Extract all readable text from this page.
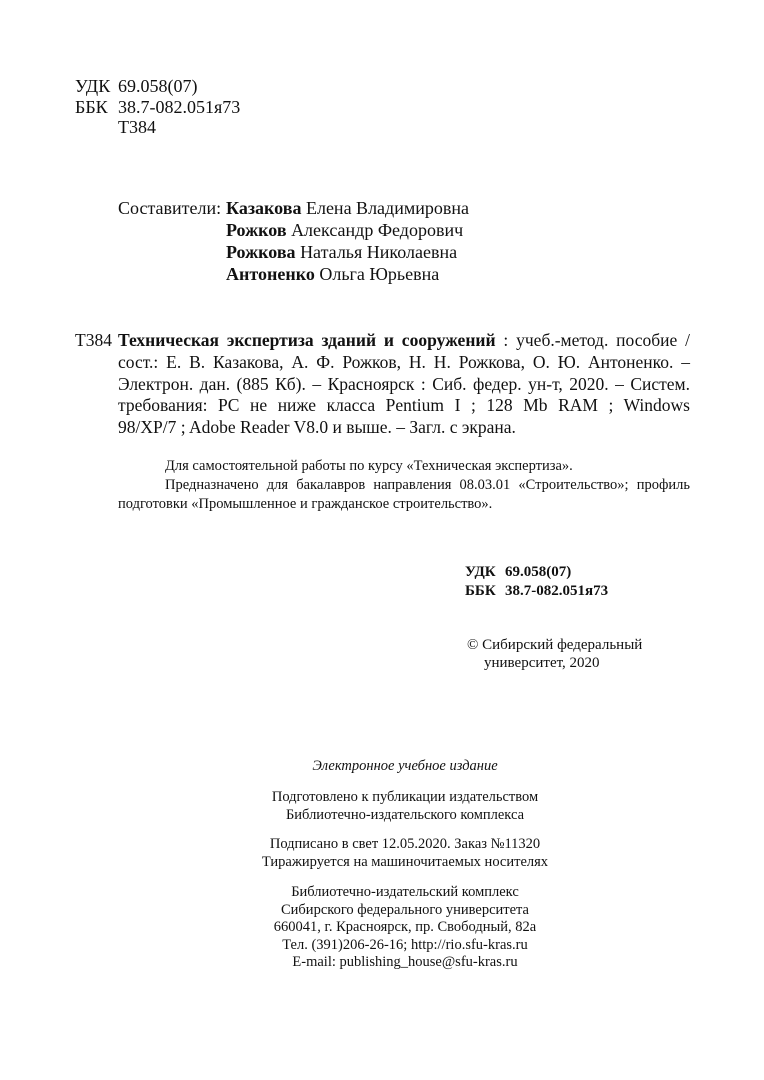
УДК 69.058(07)
ББК 38.7-082.051я73
Т384
Составители: Казакова Елена Владимировна
Рожков Александр Федорович
Рожкова Наталья Николаевна
Антоненко Ольга Юрьевна
Т384 Техническая экспертиза зданий и сооружений : учеб.-метод. пособие /
сост.: Е. В. Казакова, А. Ф. Рожков, Н. Н. Рожкова, О. Ю. Антоненко. –
Электрон. дан. (885 Кб). – Красноярск : Сиб. федер. ун-т, 2020. – Систем.
требования: PC не ниже класса Pentium I ; 128 Mb RAM ; Windows
98/XP/7 ; Adobe Reader V8.0 и выше. – Загл. с экрана.
Для самостоятельной работы по курсу «Техническая экспертиза».
Предназначено для бакалавров направления 08.03.01 «Строительство»; профиль
подготовки «Промышленное и гражданское строительство».
УДК 69.058(07)
ББК 38.7-082.051я73
© Сибирский федеральный
университет, 2020
Электронное учебное издание
Подготовлено к публикации издательством
Библиотечно-издательского комплекса
Подписано в свет 12.05.2020. Заказ №11320
Тиражируется на машиночитаемых носителях
Библиотечно-издательский комплекс
Сибирского федерального университета
660041, г. Красноярск, пр. Свободный, 82а
Тел. (391)206-26-16; http://rio.sfu-kras.ru
E-mail: publishing_house@sfu-kras.ru
